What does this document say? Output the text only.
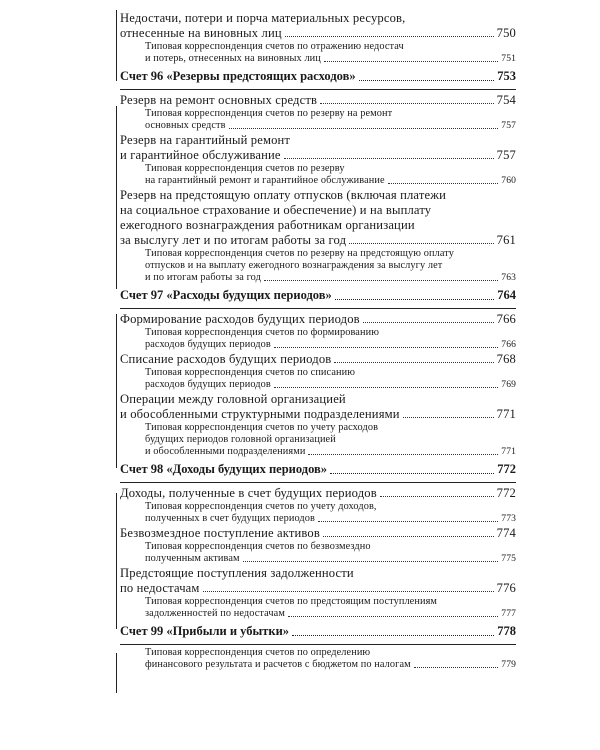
Недостачи, потери и порча материальных ресурсов,
отнесенные на виновных лиц	750
Типовая корреспонденция счетов по отражению недостач
и потерь, отнесенных на виновных лиц	751
Счет 96 «Резервы предстоящих расходов»	753
Резерв на ремонт основных средств	754
Типовая корреспонденция счетов по резерву на ремонт
основных средств	757
Резерв на гарантийный ремонт
и гарантийное обслуживание	757
Типовая корреспонденция счетов по резерву
на гарантийный ремонт и гарантийное обслуживание	760
Резерв на предстоящую оплату отпусков (включая платежи
на социальное страхование и обеспечение) и на выплату
ежегодного вознаграждения работникам организации
за выслугу лет и по итогам работы за год	761
Типовая корреспонденция счетов по резерву на предстоящую оплату
отпусков и на выплату ежегодного вознаграждения за выслугу лет
и по итогам работы за год	763
Счет 97 «Расходы будущих периодов»	764
Формирование расходов будущих периодов	766
Типовая корреспонденция счетов по формированию
расходов будущих периодов	766
Списание расходов будущих периодов	768
Типовая корреспонденция счетов по списанию
расходов будущих периодов	769
Операции между головной организацией
и обособленными структурными подразделениями	771
Типовая корреспонденция счетов по учету расходов
будущих периодов головной организацией
и обособленными подразделениями	771
Счет 98 «Доходы будущих периодов»	772
Доходы, полученные в счет будущих периодов	772
Типовая корреспонденция счетов по учету доходов,
полученных в счет будущих периодов	773
Безвозмездное поступление активов	774
Типовая корреспонденция счетов по безвозмездно
полученным активам	775
Предстоящие поступления задолженности
по недостачам	776
Типовая корреспонденция счетов по предстоящим поступлениям
задолженностей по недостачам	777
Счет 99 «Прибыли и убытки»	778
Типовая корреспонденция счетов по определению
финансового результата и расчетов с бюджетом по налогам	779
